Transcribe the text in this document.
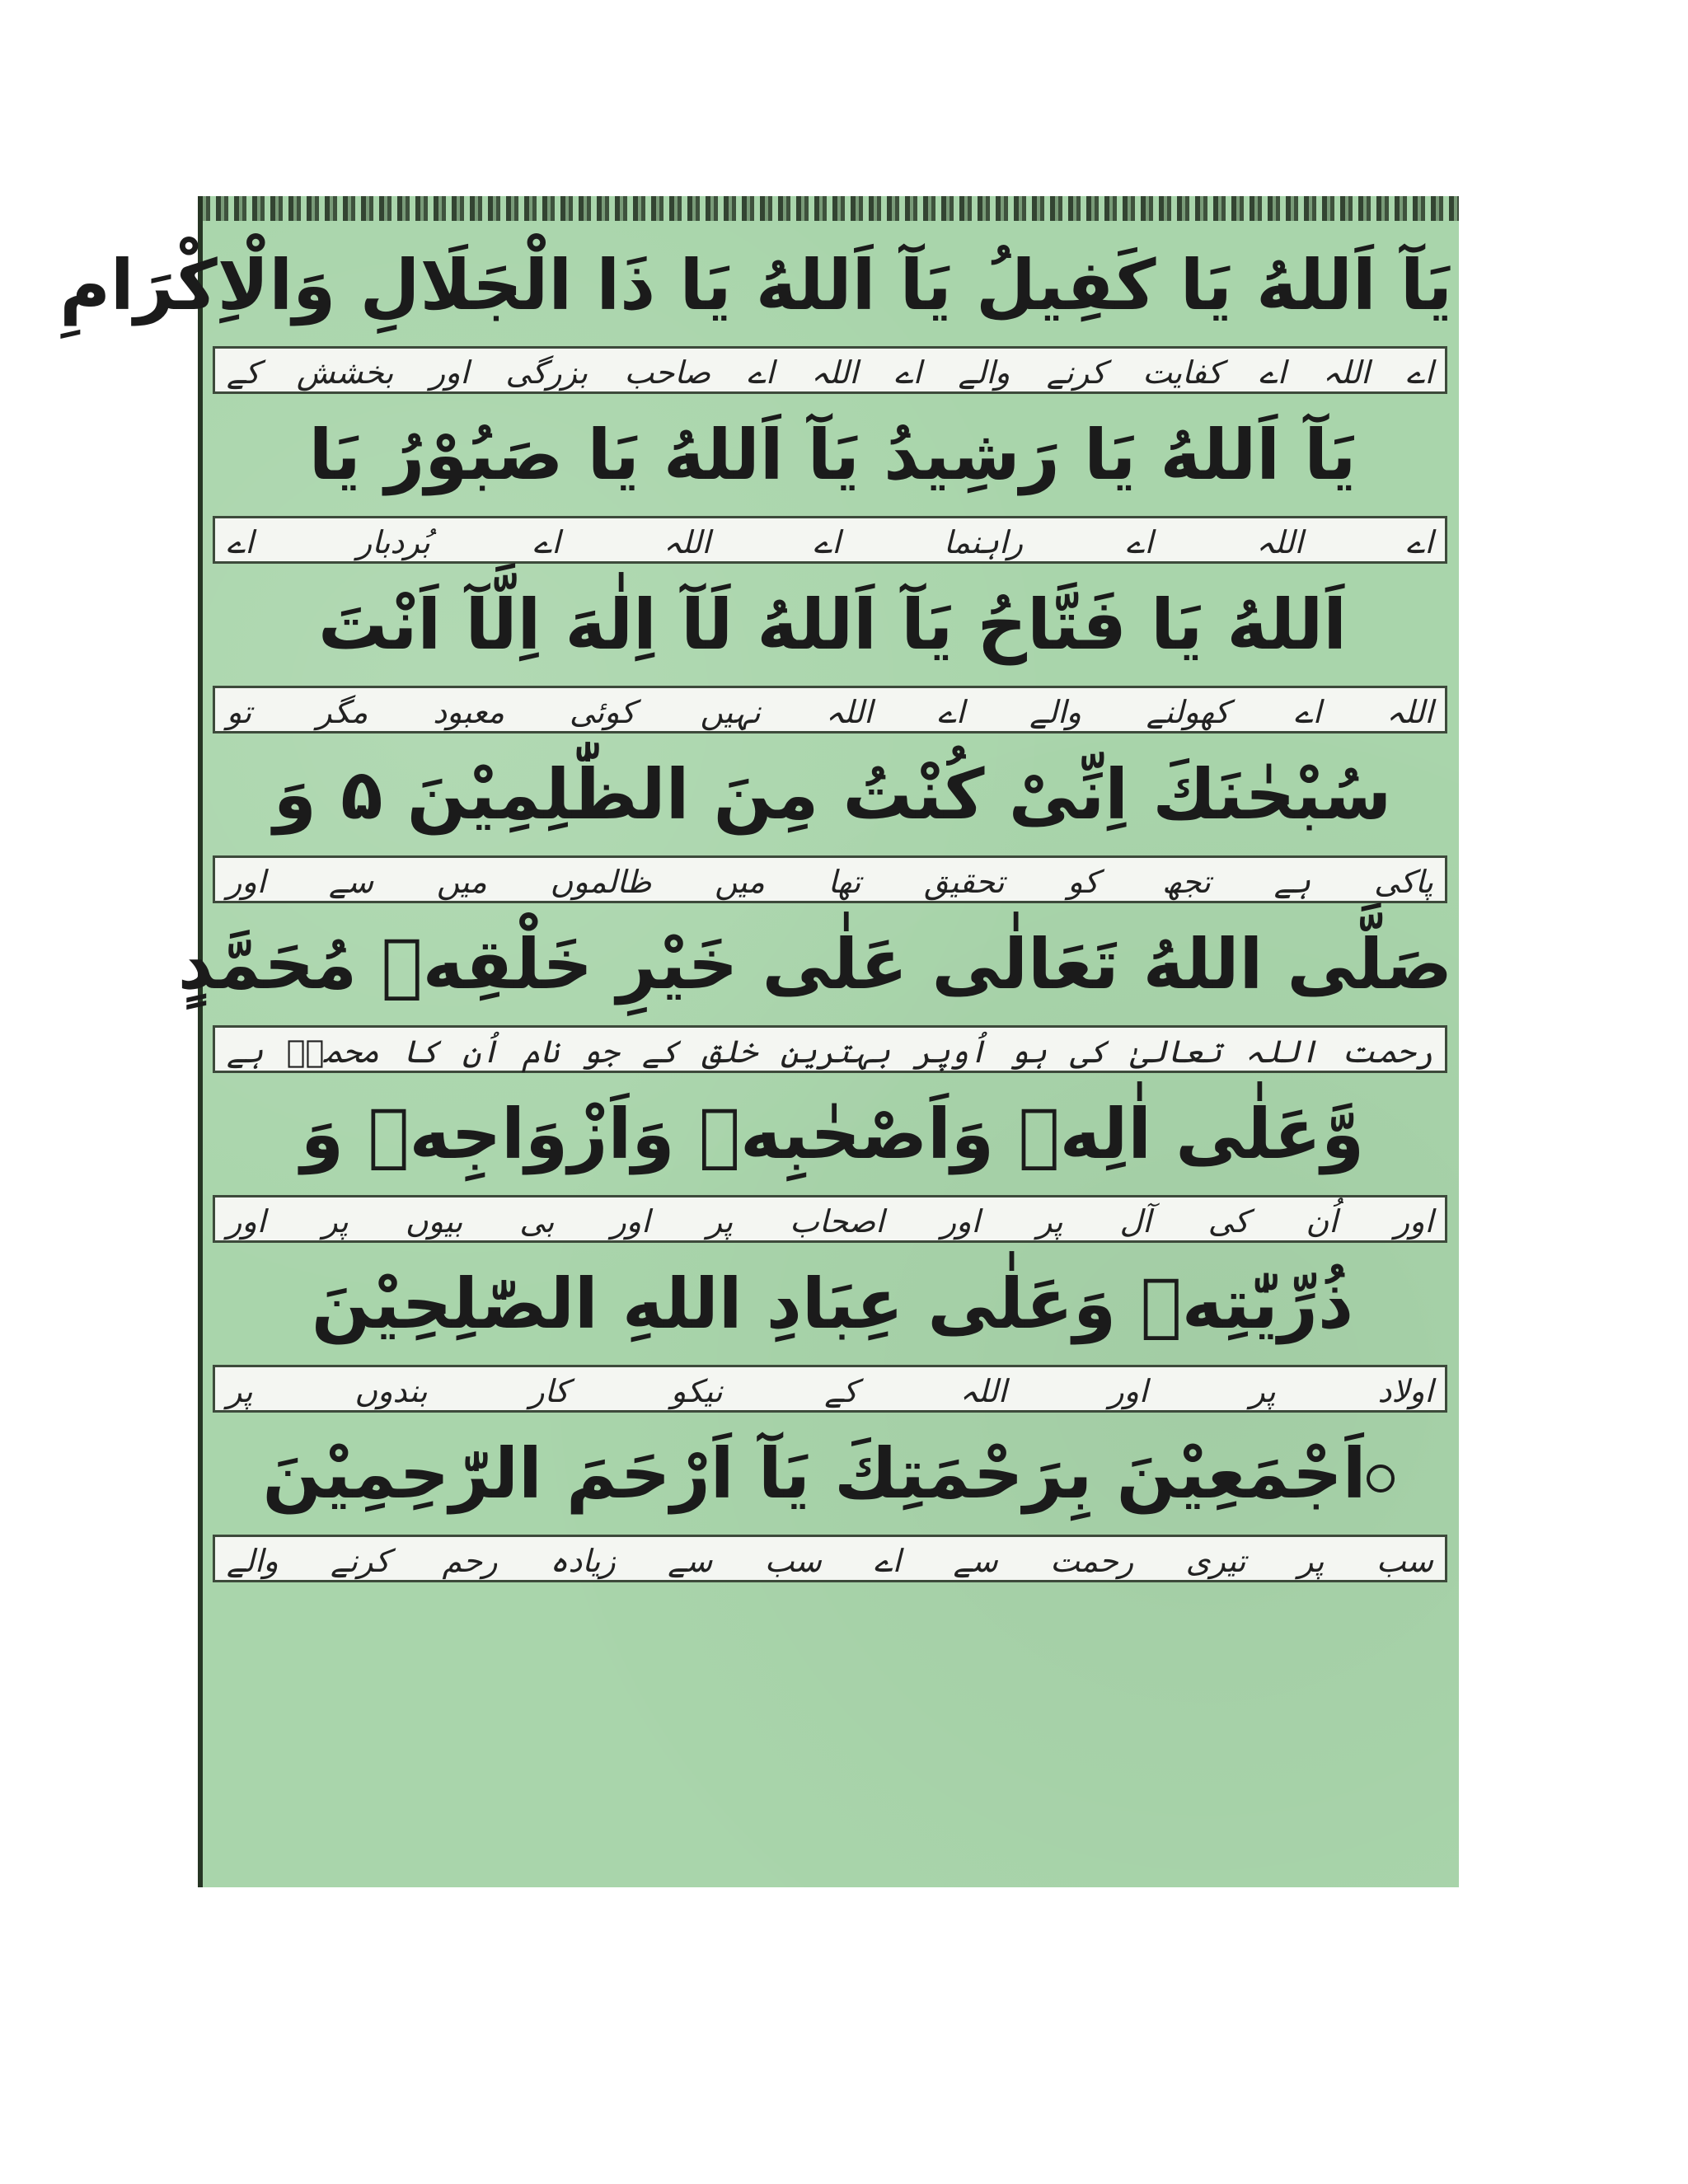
يَآ اَللهُ يَا كَفِيلُ يَآ اَللهُ يَا ذَا الْجَلَالِ وَالْاِكْرَامِ
اے اللہ اے کفایت کرنے والے اے اللہ اے صاحب بزرگی اور بخشش کے
يَآ اَللهُ يَا رَشِيدُ يَآ اَللهُ يَا صَبُوْرُ يَا
اے اللہ اے راہنما اے اللہ اے بُردبار اے
اَللهُ يَا فَتَّاحُ يَآ اَللهُ لَآ اِلٰهَ اِلَّآ اَنْتَ
اللہ اے کھولنے والے اے اللہ نہیں کوئی معبود مگر تو
سُبْحٰنَكَ اِنِّىْ كُنْتُ مِنَ الظّٰلِمِيْنَ ۵ وَ
پاکی ہے تجھ کو تحقیق تھا میں ظالموں میں سے اور
صَلَّى اللهُ تَعَالٰى عَلٰى خَيْرِ خَلْقِهٖ مُحَمَّدٍ
رحمت اللہ تعالیٰ کی ہو اُوپر بہترین خلق کے جو نام اُن کا محمدؐ ہے
وَّعَلٰى اٰلِهٖ وَاَصْحٰبِهٖ وَاَزْوَاجِهٖ وَ
اور اُن کی آل پر اور اصحاب پر اور بی بیوں پر اور
ذُرِّيّٰتِهٖ وَعَلٰى عِبَادِ اللهِ الصّٰلِحِيْنَ
اولاد پر اور اللہ کے نیکو کار بندوں پر
اَجْمَعِيْنَ بِرَحْمَتِكَ يَآ اَرْحَمَ الرّٰحِمِيْنَ
سب پر تیری رحمت سے اے سب سے زیادہ رحم کرنے والے
